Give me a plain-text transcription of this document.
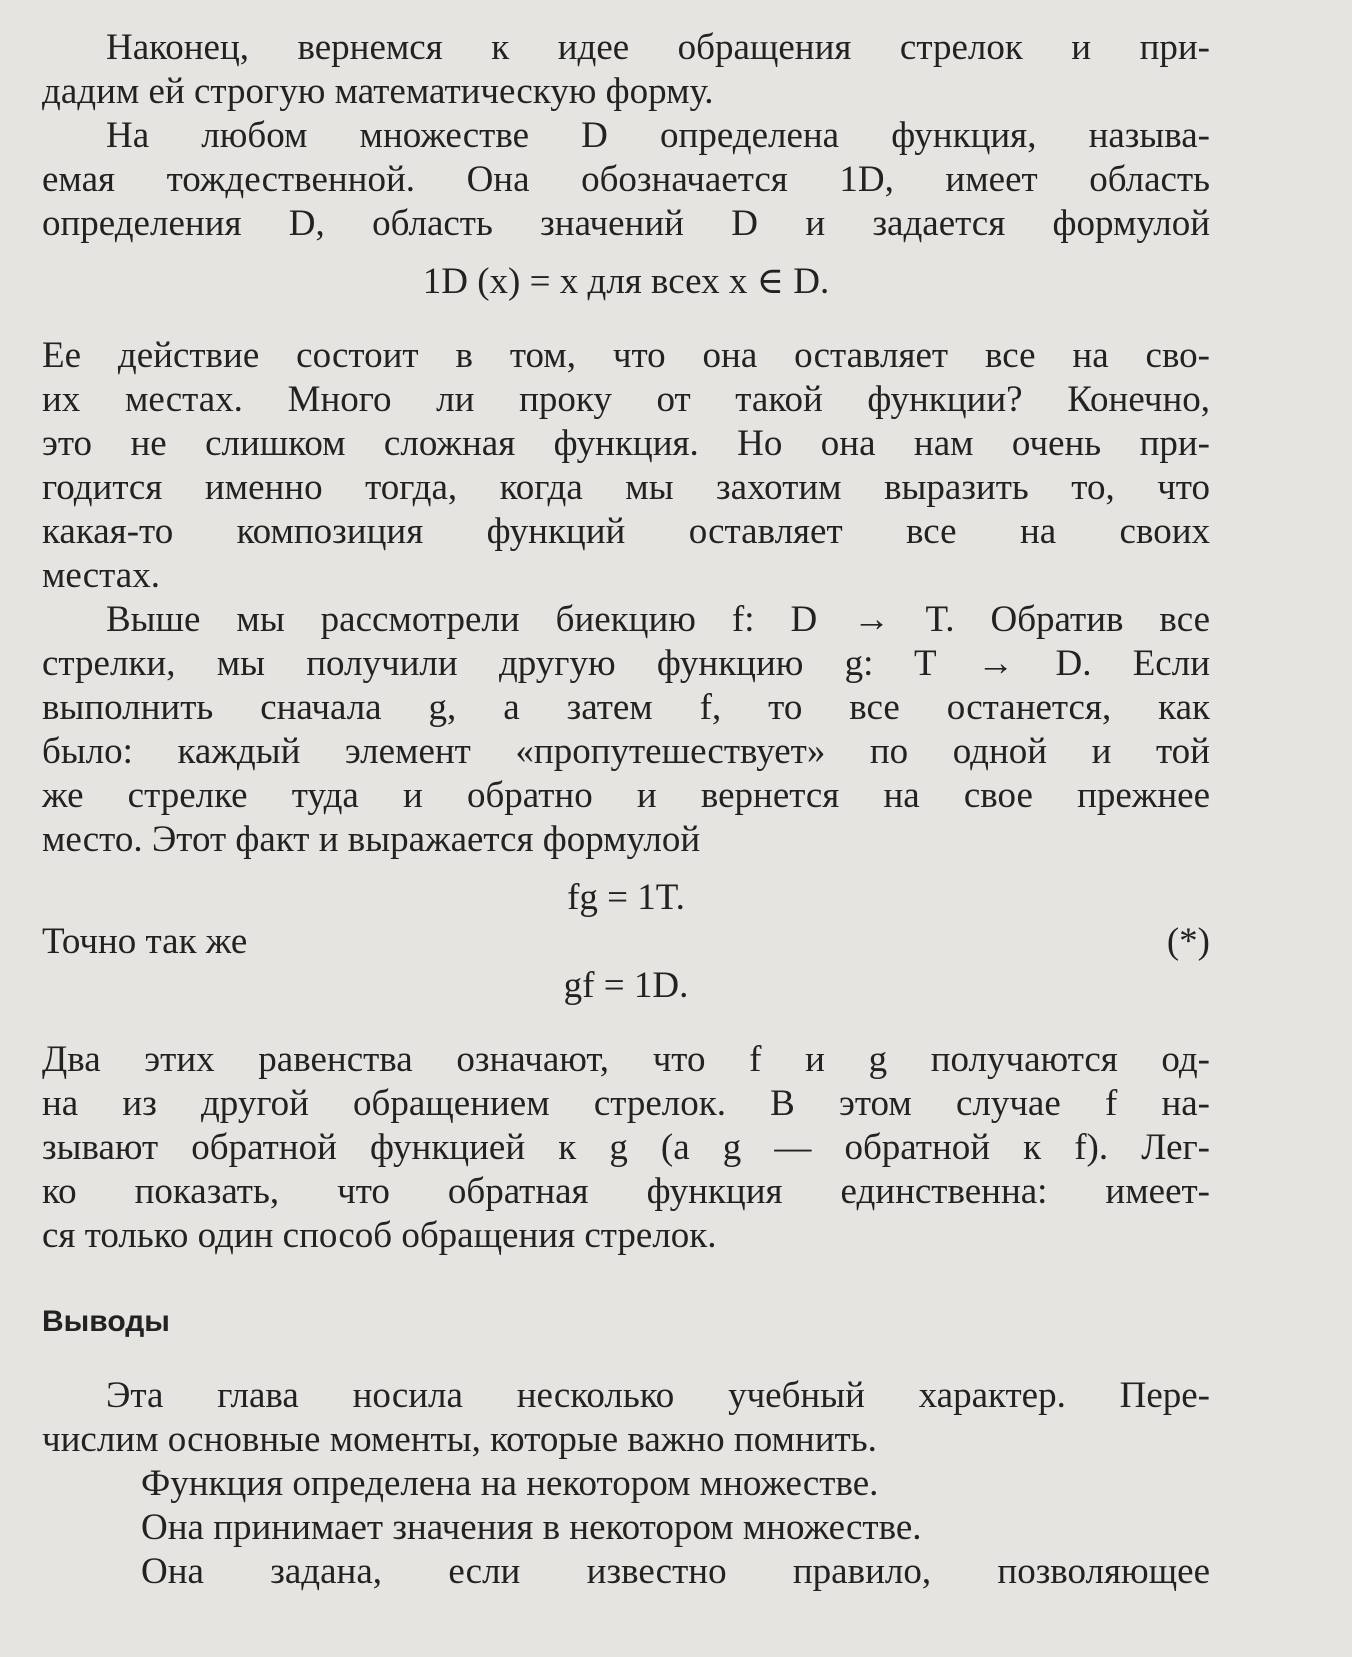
Наконец, вернемся к идее обращения стрелок и при-
дадим ей строгую математическую форму.
На любом множестве D определена функция, называ-
емая тождественной. Она обозначается 1D, имеет область
определения D, область значений D и задается формулой
1D (x) = x для всех x ∈ D.
Ее действие состоит в том, что она оставляет все на сво-
их местах. Много ли проку от такой функции? Конечно,
это не слишком сложная функция. Но она нам очень при-
годится именно тогда, когда мы захотим выразить то, что
какая-то композиция функций оставляет все на своих
местах.
Выше мы рассмотрели биекцию f: D → T. Обратив все
стрелки, мы получили другую функцию g: T → D. Если
выполнить сначала g, а затем f, то все останется, как
было: каждый элемент «пропутешествует» по одной и той
же стрелке туда и обратно и вернется на свое прежнее
место. Этот факт и выражается формулой
fg = 1T.
Точно так же	(*)
gf = 1D.
Два этих равенства означают, что f и g получаются од-
на из другой обращением стрелок. В этом случае f на-
зывают обратной функцией к g (а g — обратной к f). Лег-
ко показать, что обратная функция единственна: имеет-
ся только один способ обращения стрелок.
Выводы
Эта глава носила несколько учебный характер. Пере-
числим основные моменты, которые важно помнить.
Функция определена на некотором множестве.
Она принимает значения в некотором множестве.
Она задана, если известно правило, позволяющее
